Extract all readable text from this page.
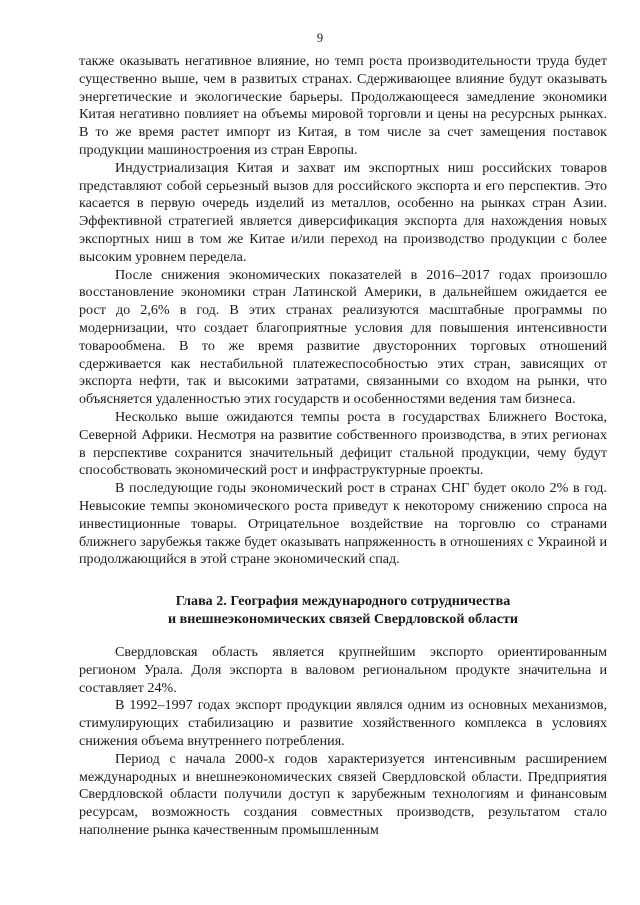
9

также оказывать негативное влияние, но темп роста производительности труда будет существенно выше, чем в развитых странах. Сдерживающее влияние будут оказывать энергетические и экологические барьеры. Продолжающееся замедление экономики Китая негативно повлияет на объемы мировой торговли и цены на ресурсных рынках. В то же время растет импорт из Китая, в том числе за счет замещения поставок продукции машиностроения из стран Европы.

Индустриализация Китая и захват им экспортных ниш российских товаров представляют собой серьезный вызов для российского экспорта и его перспектив. Это касается в первую очередь изделий из металлов, особенно на рынках стран Азии. Эффективной стратегией является диверсификация экспорта для нахождения новых экспортных ниш в том же Китае и/или переход на производство продукции с более высоким уровнем передела.

После снижения экономических показателей в 2016–2017 годах произошло восстановление экономики стран Латинской Америки, в дальнейшем ожидается ее рост до 2,6% в год. В этих странах реализуются масштабные программы по модернизации, что создает благоприятные условия для повышения интенсивности товарообмена. В то же время развитие двусторонних торговых отношений сдерживается как нестабильной платежеспособностью этих стран, зависящих от экспорта нефти, так и высокими затратами, связанными со входом на рынки, что объясняется удаленностью этих государств и особенностями ведения там бизнеса.

Несколько выше ожидаются темпы роста в государствах Ближнего Востока, Северной Африки. Несмотря на развитие собственного производства, в этих регионах в перспективе сохранится значительный дефицит стальной продукции, чему будут способствовать экономический рост и инфраструктурные проекты.

В последующие годы экономический рост в странах СНГ будет около 2% в год. Невысокие темпы экономического роста приведут к некоторому снижению спроса на инвестиционные товары. Отрицательное воздействие на торговлю со странами ближнего зарубежья также будет оказывать напряженность в отношениях с Украиной и продолжающийся в этой стране экономический спад.

Глава 2. География международного сотрудничества
и внешнеэкономических связей Свердловской области

Свердловская область является крупнейшим экспорто ориентированным регионом Урала. Доля экспорта в валовом региональном продукте значительна и составляет 24%.

В 1992–1997 годах экспорт продукции являлся одним из основных механизмов, стимулирующих стабилизацию и развитие хозяйственного комплекса в условиях снижения объема внутреннего потребления.

Период с начала 2000-х годов характеризуется интенсивным расширением международных и внешнеэкономических связей Свердловской области. Предприятия Свердловской области получили доступ к зарубежным технологиям и финансовым ресурсам, возможность создания совместных производств, результатом стало наполнение рынка качественным промышленным
